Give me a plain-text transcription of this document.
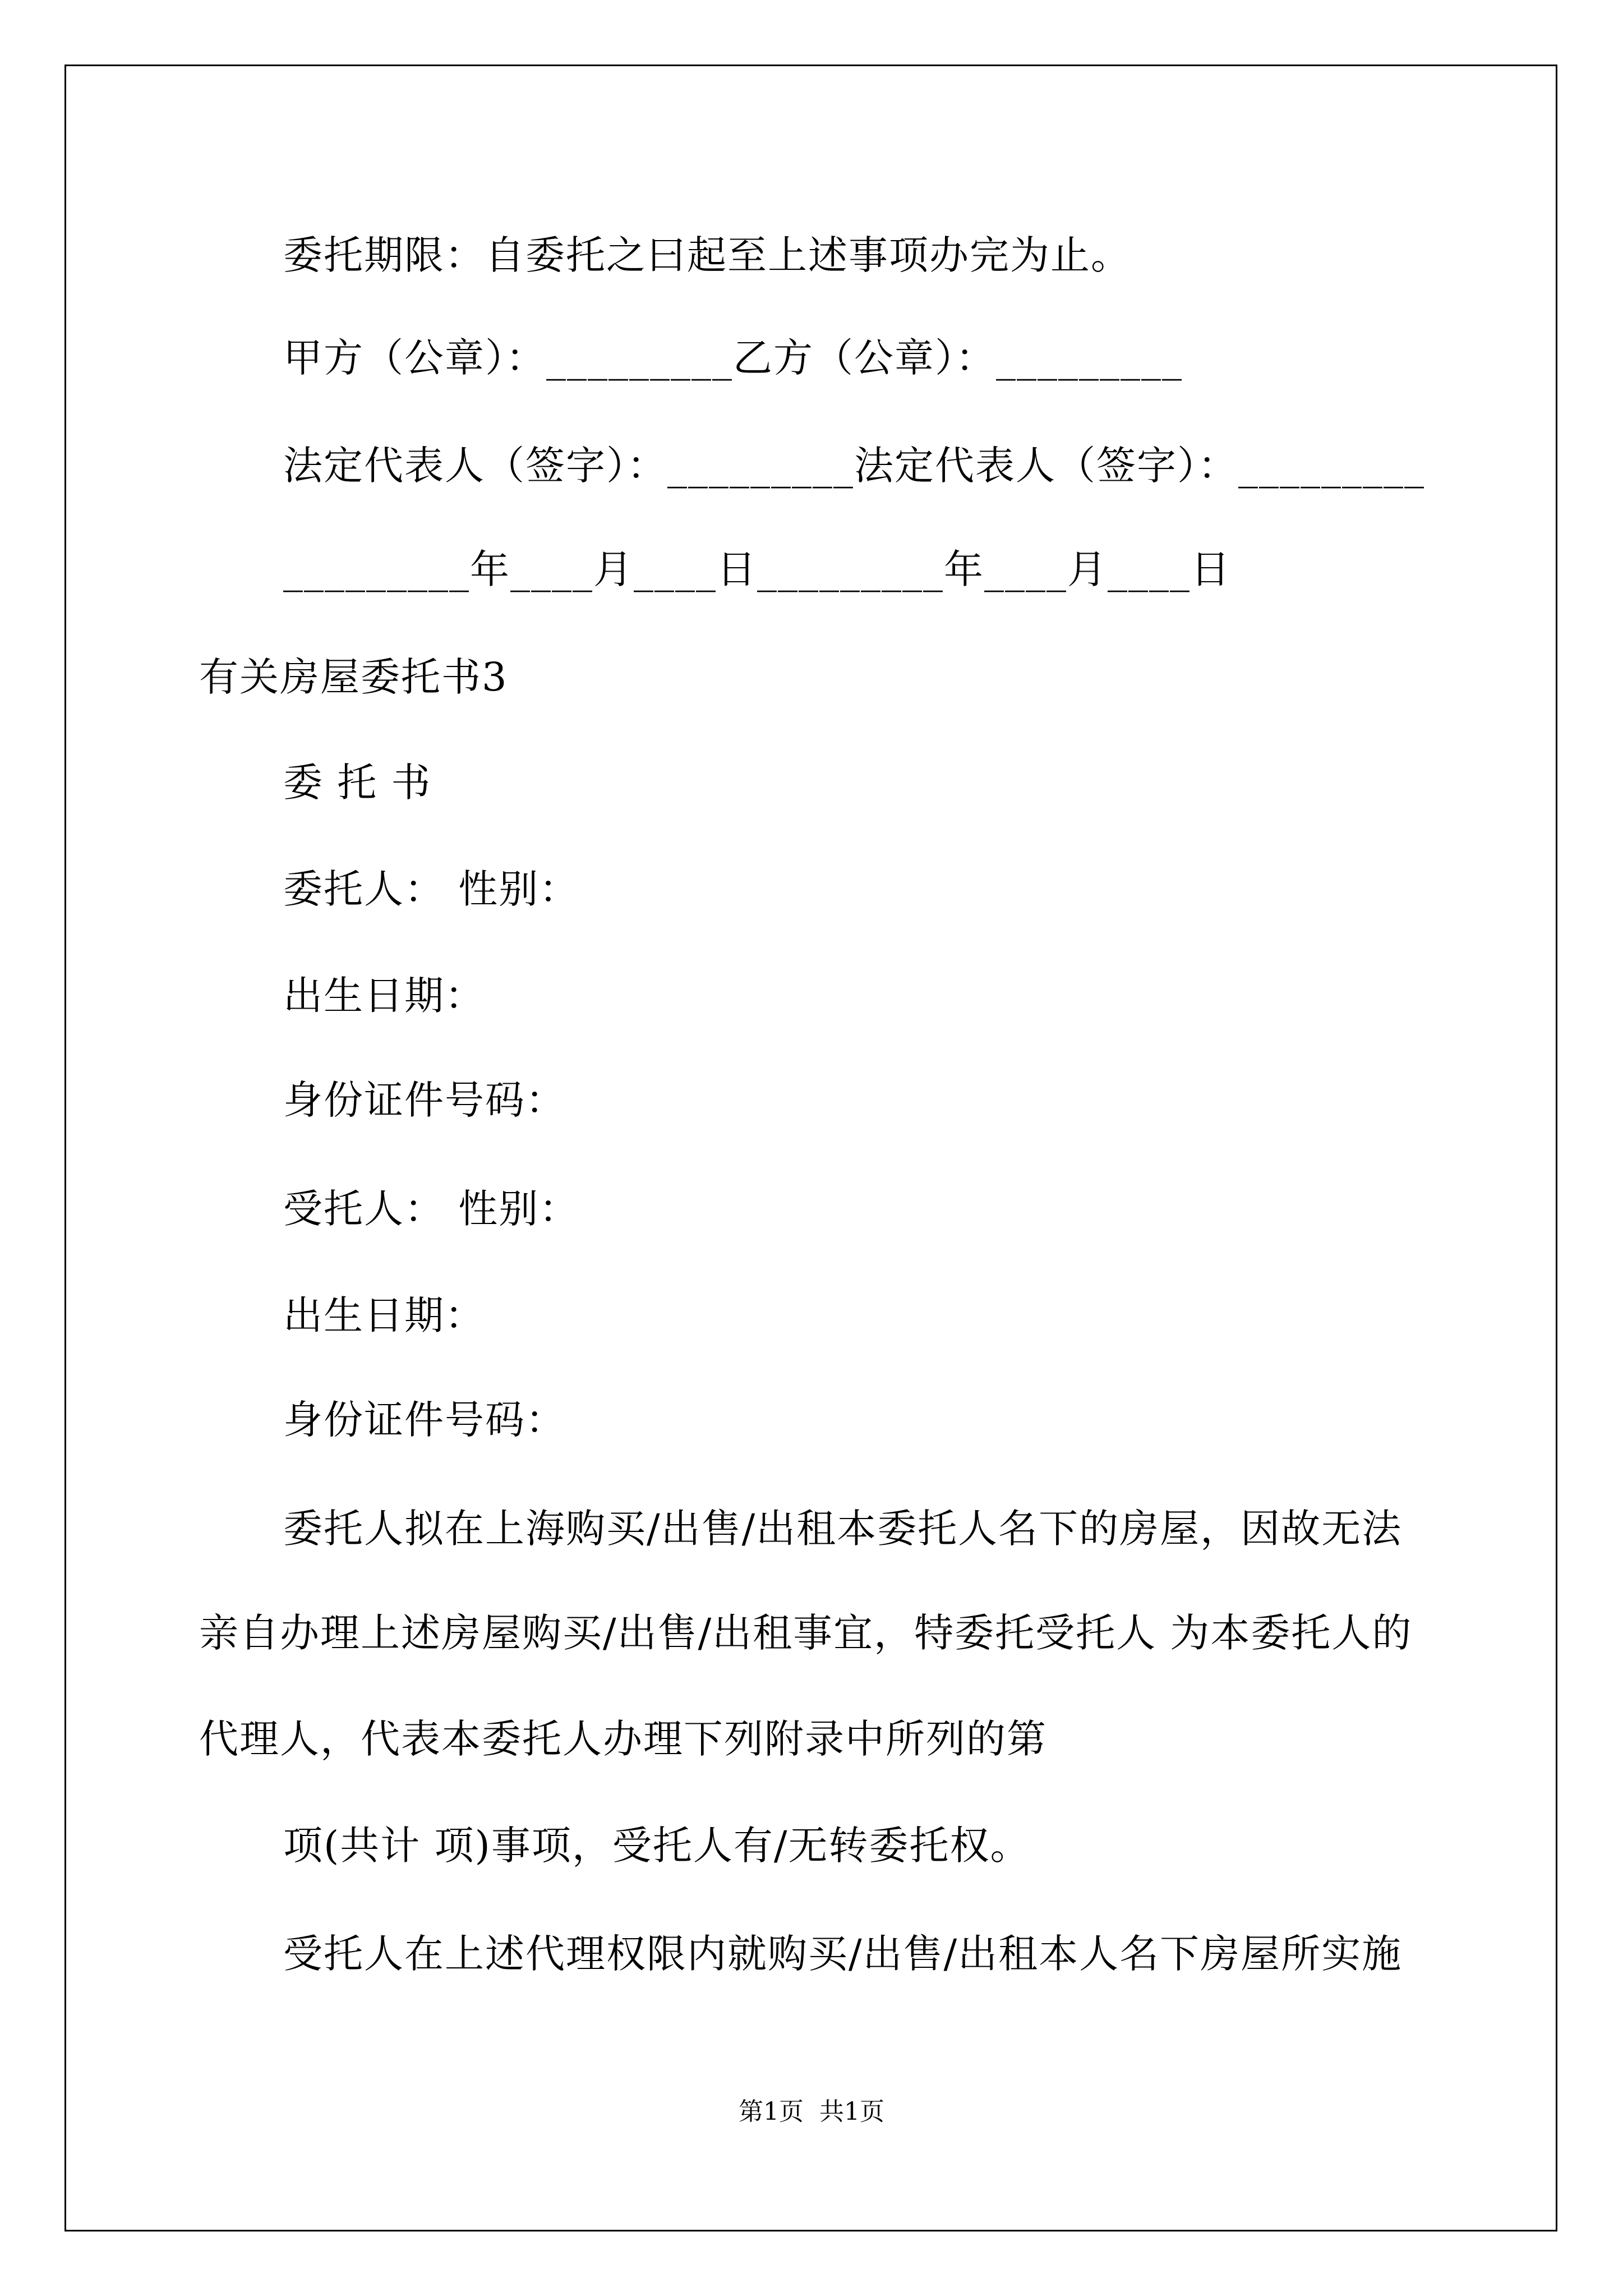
委托期限：自委托之曰起至上述事项办完为止。
甲方（公章）：_________乙方（公章）：_________
法定代表人（签字）：_________法定代表人（签字）：_________
_________年____月____日_________年____月____日
有关房屋委托书3
委 托 书
委托人： 性别：
出生日期：
身份证件号码：
受托人： 性别：
出生日期：
身份证件号码：
委托人拟在上海购买/出售/出租本委托人名下的房屋，因故无法
亲自办理上述房屋购买/出售/出租事宜，特委托受托人 为本委托人的
代理人，代表本委托人办理下列附录中所列的第
项(共计 项)事项，受托人有/无转委托权。
受托人在上述代理权限内就购买/出售/出租本人名下房屋所实施
第1页  共1页
